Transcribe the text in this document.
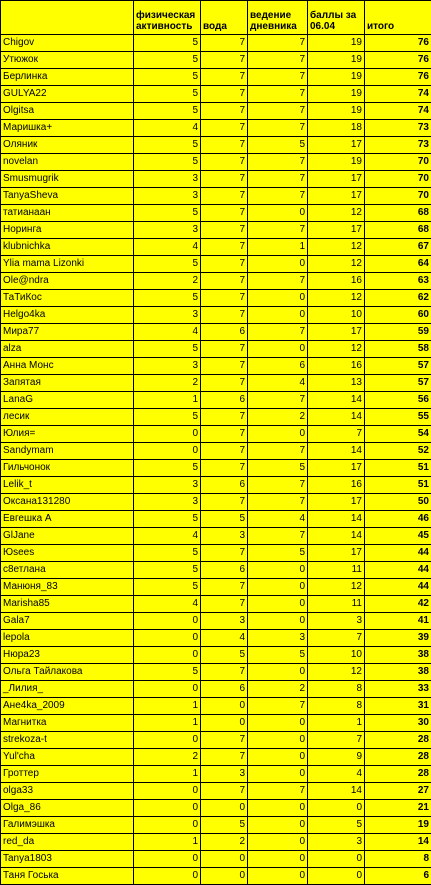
	физическая активность	вода	ведение дневника	баллы за 06.04	итого
Chigov	5	7	7	19	76
Утюжок	5	7	7	19	76
Берлинка	5	7	7	19	76
GULYA22	5	7	7	19	74
Olgitsa	5	7	7	19	74
Маришка+	4	7	7	18	73
Оляник	5	7	5	17	73
novelan	5	7	7	19	70
Smusmugrik	3	7	7	17	70
TanyaSheva	3	7	7	17	70
татианаан	5	7	0	12	68
Норинга	3	7	7	17	68
klubnichka	4	7	1	12	67
Ylia mama Lizonki	5	7	0	12	64
Ole@ndra	2	7	7	16	63
ТаТиКос	5	7	0	12	62
Helgo4ka	3	7	0	10	60
Мира77	4	6	7	17	59
alza	5	7	0	12	58
Анна Монс	3	7	6	16	57
Запятая	2	7	4	13	57
LanaG	1	6	7	14	56
лесик	5	7	2	14	55
Юлия=	0	7	0	7	54
Sandymam	0	7	7	14	52
Гильчонок	5	7	5	17	51
Lelik_t	3	6	7	16	51
Оксана131280	3	7	7	17	50
Евгешка А	5	5	4	14	46
GlJane	4	3	7	14	45
Юsees	5	7	5	17	44
с8етлана	5	6	0	11	44
Манюня_83	5	7	0	12	44
Marisha85	4	7	0	11	42
Gala7	0	3	0	3	41
lepola	0	4	3	7	39
Нюра23	0	5	5	10	38
Ольга Тайлакова	5	7	0	12	38
_Лилия_	0	6	2	8	33
Ане4ka_2009	1	0	7	8	31
Магнитка	1	0	0	1	30
strekoza-t	0	7	0	7	28
Yul'cha	2	7	0	9	28
Гроттер	1	3	0	4	28
olga33	0	7	7	14	27
Olga_86	0	0	0	0	21
Галимэшка	0	5	0	5	19
red_da	1	2	0	3	14
Tanya1803	0	0	0	0	8
Таня Госька	0	0	0	0	6
